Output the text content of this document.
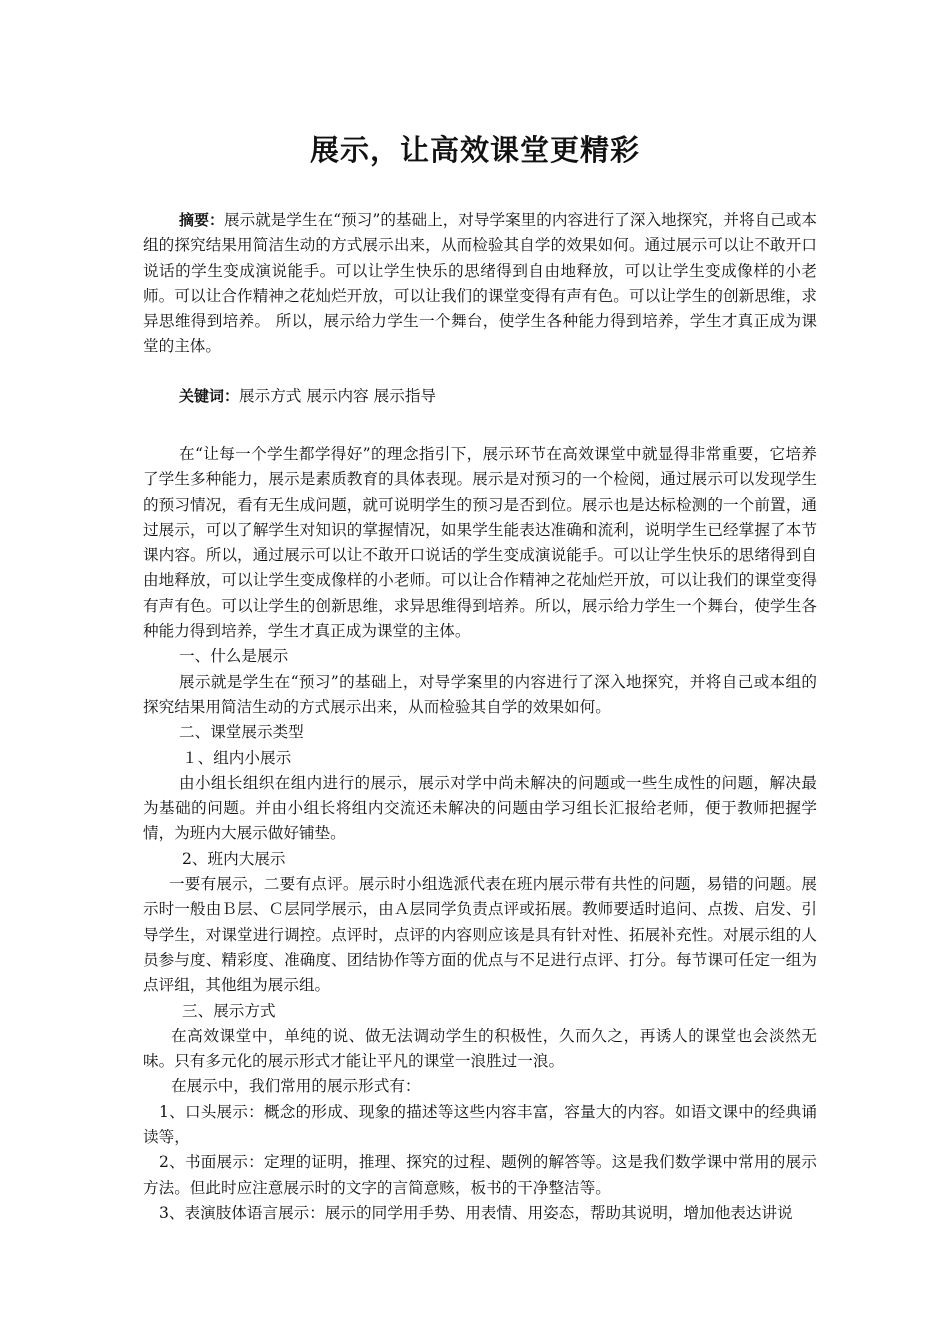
展示，让高效课堂更精彩

摘要：展示就是学生在“预习”的基础上，对导学案里的内容进行了深入地探究，并将自己或本组的探究结果用简洁生动的方式展示出来，从而检验其自学的效果如何。通过展示可以让不敢开口说话的学生变成演说能手。可以让学生快乐的思绪得到自由地释放，可以让学生变成像样的小老师。可以让合作精神之花灿烂开放，可以让我们的课堂变得有声有色。可以让学生的创新思维，求异思维得到培养。 所以，展示给力学生一个舞台，使学生各种能力得到培养，学生才真正成为课堂的主体。

关键词：展示方式 展示内容 展示指导

在“让每一个学生都学得好”的理念指引下，展示环节在高效课堂中就显得非常重要，它培养了学生多种能力，展示是素质教育的具体表现。展示是对预习的一个检阅，通过展示可以发现学生的预习情况，看有无生成问题，就可说明学生的预习是否到位。展示也是达标检测的一个前置，通过展示，可以了解学生对知识的掌握情况，如果学生能表达准确和流利，说明学生已经掌握了本节课内容。所以，通过展示可以让不敢开口说话的学生变成演说能手。可以让学生快乐的思绪得到自由地释放，可以让学生变成像样的小老师。可以让合作精神之花灿烂开放，可以让我们的课堂变得有声有色。可以让学生的创新思维，求异思维得到培养。所以，展示给力学生一个舞台，使学生各种能力得到培养，学生才真正成为课堂的主体。

一、什么是展示

展示就是学生在“预习”的基础上，对导学案里的内容进行了深入地探究，并将自己或本组的探究结果用简洁生动的方式展示出来，从而检验其自学的效果如何。

二、课堂展示类型

１、组内小展示

由小组长组织在组内进行的展示，展示对学中尚未解决的问题或一些生成性的问题，解决最为基础的问题。并由小组长将组内交流还未解决的问题由学习组长汇报给老师，便于教师把握学情，为班内大展示做好铺垫。

2、班内大展示

一要有展示，二要有点评。展示时小组选派代表在班内展示带有共性的问题，易错的问题。展示时一般由Ｂ层、Ｃ层同学展示，由Ａ层同学负责点评或拓展。教师要适时追问、点拨、启发、引导学生，对课堂进行调控。点评时，点评的内容则应该是具有针对性、拓展补充性。对展示组的人员参与度、精彩度、准确度、团结协作等方面的优点与不足进行点评、打分。每节课可任定一组为点评组，其他组为展示组。

三、展示方式

在高效课堂中，单纯的说、做无法调动学生的积极性，久而久之，再诱人的课堂也会淡然无味。只有多元化的展示形式才能让平凡的课堂一浪胜过一浪。

在展示中，我们常用的展示形式有：

1、口头展示：概念的形成、现象的描述等这些内容丰富，容量大的内容。如语文课中的经典诵读等，

2、书面展示：定理的证明，推理、探究的过程、题例的解答等。这是我们数学课中常用的展示方法。但此时应注意展示时的文字的言简意赅，板书的干净整洁等。

3、表演肢体语言展示：展示的同学用手势、用表情、用姿态，帮助其说明，增加他表达讲说
